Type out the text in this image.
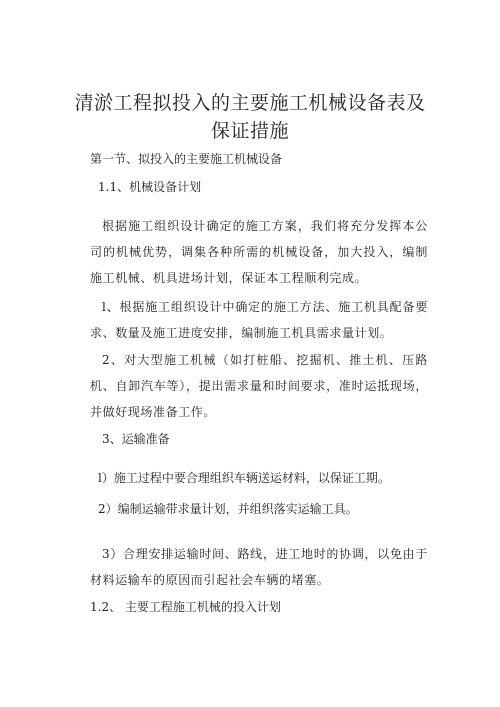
清淤工程拟投入的主要施工机械设备表及保证措施
第一节、拟投入的主要施工机械设备
1.1、机械设备计划
根据施工组织设计确定的施工方案，我们将充分发挥本公司的机械优势，调集各种所需的机械设备，加大投入，编制施工机械、机具进场计划，保证本工程顺利完成。
l、根据施工组织设计中确定的施工方法、施工机具配备要求、数量及施工进度安排，编制施工机具需求量计划。
2、对大型施工机械（如打桩船、挖掘机、推土机、压路机、自卸汽车等），提出需求量和时间要求，准时运抵现场，并做好现场准备工作。
3、运输准备
l）施工过程中要合理组织车辆送运材料，以保证工期。
2）编制运输带求量计划，并组织落实运输工具。
3）合理安排运输时间、路线，进工地时的协调，以免由于材料运输车的原因而引起社会车辆的堵塞。
1.2、 主要工程施工机械的投入计划
